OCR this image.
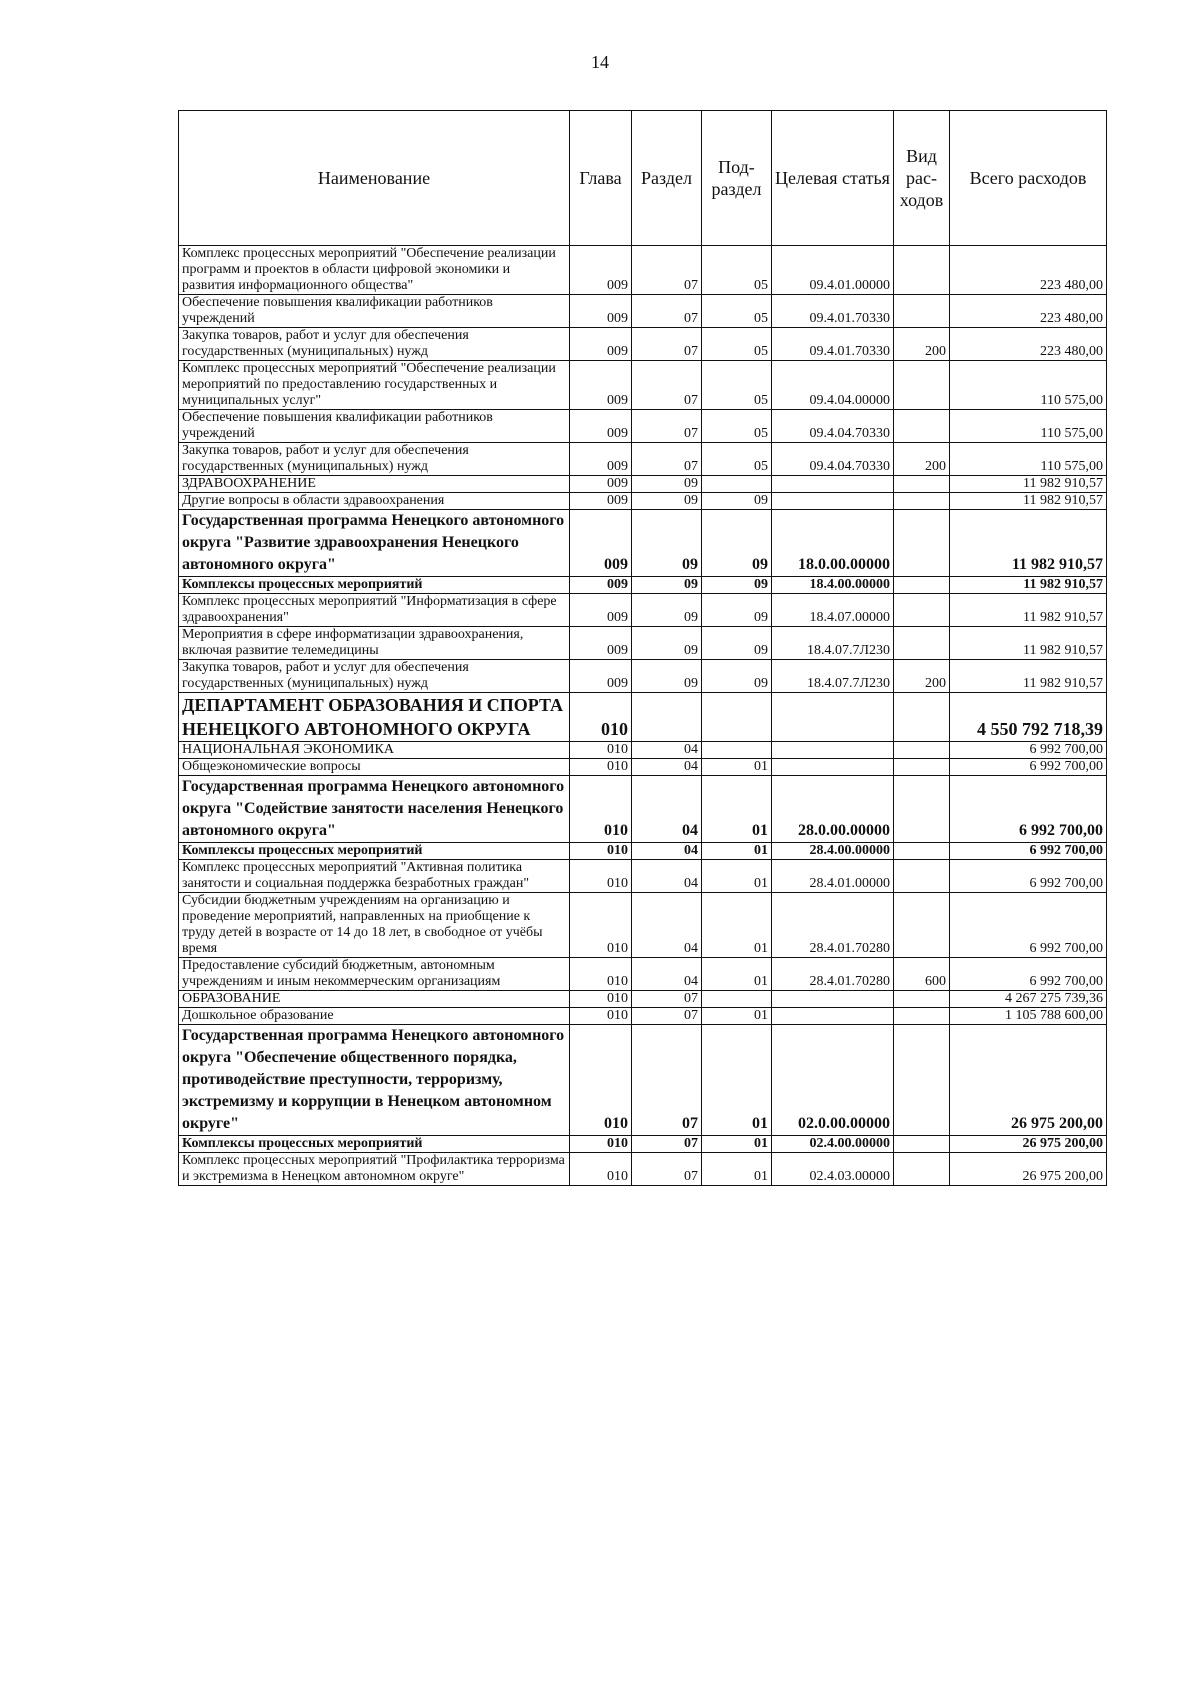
14
Наименование	Глава	Раздел	Под-раздел	Целевая статья	Вид рас-ходов	Всего расходов
Комплекс процессных мероприятий "Обеспечение реализации программ и проектов в области цифровой экономики и развития информационного общества"	009	07	05	09.4.01.00000		223 480,00
Обеспечение повышения квалификации работников учреждений	009	07	05	09.4.01.70330		223 480,00
Закупка товаров, работ и услуг для обеспечения государственных (муниципальных) нужд	009	07	05	09.4.01.70330	200	223 480,00
Комплекс процессных мероприятий "Обеспечение реализации мероприятий по предоставлению государственных и муниципальных услуг"	009	07	05	09.4.04.00000		110 575,00
Обеспечение повышения квалификации работников учреждений	009	07	05	09.4.04.70330		110 575,00
Закупка товаров, работ и услуг для обеспечения государственных (муниципальных) нужд	009	07	05	09.4.04.70330	200	110 575,00
ЗДРАВООХРАНЕНИЕ	009	09				11 982 910,57
Другие вопросы в области здравоохранения	009	09	09			11 982 910,57
Государственная программа Ненецкого автономного округа "Развитие здравоохранения Ненецкого автономного округа"	009	09	09	18.0.00.00000		11 982 910,57
Комплексы процессных мероприятий	009	09	09	18.4.00.00000		11 982 910,57
Комплекс процессных мероприятий "Информатизация в сфере здравоохранения"	009	09	09	18.4.07.00000		11 982 910,57
Мероприятия в сфере информатизации здравоохранения, включая развитие телемедицины	009	09	09	18.4.07.7Л230		11 982 910,57
Закупка товаров, работ и услуг для обеспечения государственных (муниципальных) нужд	009	09	09	18.4.07.7Л230	200	11 982 910,57
ДЕПАРТАМЕНТ ОБРАЗОВАНИЯ И СПОРТА НЕНЕЦКОГО АВТОНОМНОГО ОКРУГА	010					4 550 792 718,39
НАЦИОНАЛЬНАЯ ЭКОНОМИКА	010	04				6 992 700,00
Общеэкономические вопросы	010	04	01			6 992 700,00
Государственная программа Ненецкого автономного округа "Содействие занятости населения Ненецкого автономного округа"	010	04	01	28.0.00.00000		6 992 700,00
Комплексы процессных мероприятий	010	04	01	28.4.00.00000		6 992 700,00
Комплекс процессных мероприятий "Активная политика занятости и социальная поддержка безработных граждан"	010	04	01	28.4.01.00000		6 992 700,00
Субсидии бюджетным учреждениям на организацию и проведение мероприятий, направленных на приобщение к труду детей в возрасте от 14 до 18 лет, в свободное от учёбы время	010	04	01	28.4.01.70280		6 992 700,00
Предоставление субсидий бюджетным, автономным учреждениям и иным некоммерческим организациям	010	04	01	28.4.01.70280	600	6 992 700,00
ОБРАЗОВАНИЕ	010	07				4 267 275 739,36
Дошкольное образование	010	07	01			1 105 788 600,00
Государственная программа Ненецкого автономного округа "Обеспечение общественного порядка, противодействие преступности, терроризму, экстремизму и коррупции в Ненецком автономном округе"	010	07	01	02.0.00.00000		26 975 200,00
Комплексы процессных мероприятий	010	07	01	02.4.00.00000		26 975 200,00
Комплекс процессных мероприятий "Профилактика терроризма и экстремизма в Ненецком автономном округе"	010	07	01	02.4.03.00000		26 975 200,00
